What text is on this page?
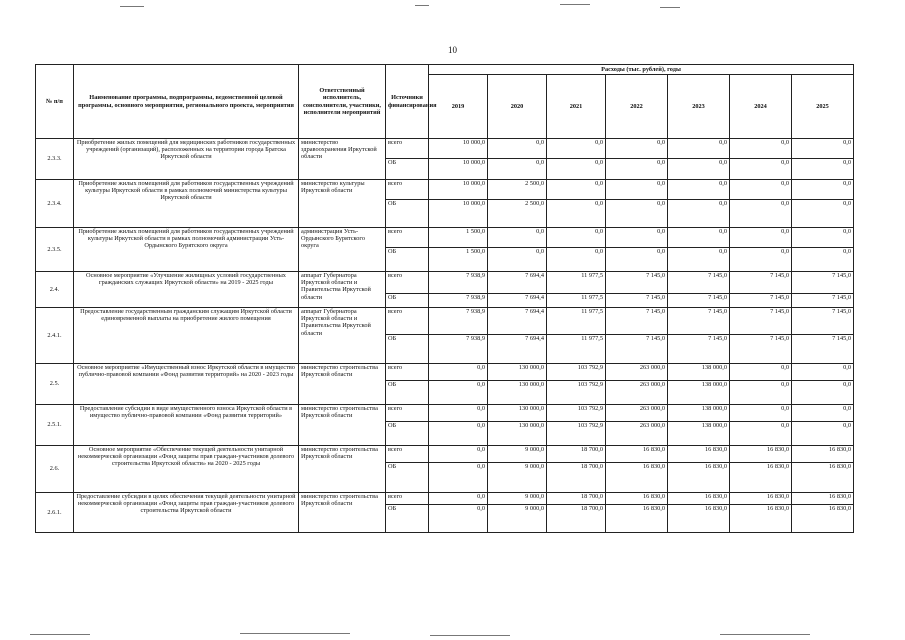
10
№ п/п	Наименование программы, подпрограммы, ведомственной целевой программы, основного мероприятия, регионального проекта, мероприятия	Ответственный исполнитель, соисполнители, участники, исполнители мероприятий	Источники финансирования	Расходы (тыс. рублей), годы						
				2019	2020	2021	2022	2023	2024	2025
2.3.3.	Приобретение жилых помещений для медицинских работников государственных учреждений (организаций), расположенных на территории города Братска Иркутской области	министерство здравоохранения Иркутской области	всего	10 000,0	0,0	0,0	0,0	0,0	0,0	0,0
			ОБ	10 000,0	0,0	0,0	0,0	0,0	0,0	0,0
2.3.4.	Приобретение жилых помещений для работников государственных учреждений культуры Иркутской области в рамках полномочий министерства культуры Иркутской области	министерство культуры Иркутской области	всего	10 000,0	2 500,0	0,0	0,0	0,0	0,0	0,0
			ОБ	10 000,0	2 500,0	0,0	0,0	0,0	0,0	0,0
2.3.5.	Приобретение жилых помещений для работников государственных учреждений культуры Иркутской области в рамках полномочий администрации Усть-Ордынского Бурятского округа	администрация Усть-Ордынского Бурятского округа	всего	1 500,0	0,0	0,0	0,0	0,0	0,0	0,0
			ОБ	1 500,0	0,0	0,0	0,0	0,0	0,0	0,0
2.4.	Основное мероприятие «Улучшение жилищных условий государственных гражданских служащих Иркутской области» на 2019 - 2025 годы	аппарат Губернатора Иркутской области и Правительства Иркутской области	всего	7 938,9	7 694,4	11 977,5	7 145,0	7 145,0	7 145,0	7 145,0
			ОБ	7 938,9	7 694,4	11 977,5	7 145,0	7 145,0	7 145,0	7 145,0
2.4.1.	Предоставление государственным гражданским служащим Иркутской области единовременной выплаты на приобретение жилого помещения	аппарат Губернатора Иркутской области и Правительства Иркутской области	всего	7 938,9	7 694,4	11 977,5	7 145,0	7 145,0	7 145,0	7 145,0
			ОБ	7 938,9	7 694,4	11 977,5	7 145,0	7 145,0	7 145,0	7 145,0
2.5.	Основное мероприятие «Имущественный взнос Иркутской области в имущество публично-правовой компании «Фонд развития территорий» на 2020 - 2023 годы	министерство строительства Иркутской области	всего	0,0	130 000,0	103 792,9	263 000,0	138 000,0	0,0	0,0
			ОБ	0,0	130 000,0	103 792,9	263 000,0	138 000,0	0,0	0,0
2.5.1.	Предоставление субсидии в виде имущественного взноса Иркутской области в имущество публично-правовой компании «Фонд развития территорий»	министерство строительства Иркутской области	всего	0,0	130 000,0	103 792,9	263 000,0	138 000,0	0,0	0,0
			ОБ	0,0	130 000,0	103 792,9	263 000,0	138 000,0	0,0	0,0
2.6.	Основное мероприятие «Обеспечение текущей деятельности унитарной некоммерческой организации «Фонд защиты прав граждан-участников долевого строительства Иркутской области» на 2020 - 2025 годы	министерство строительства Иркутской области	всего	0,0	9 000,0	18 700,0	16 830,0	16 830,0	16 830,0	16 830,0
			ОБ	0,0	9 000,0	18 700,0	16 830,0	16 830,0	16 830,0	16 830,0
2.6.1.	Предоставление субсидии в целях обеспечения текущей деятельности унитарной некоммерческой организации «Фонд защиты прав граждан-участников долевого строительства Иркутской области	министерство строительства Иркутской области	всего	0,0	9 000,0	18 700,0	16 830,0	16 830,0	16 830,0	16 830,0
			ОБ	0,0	9 000,0	18 700,0	16 830,0	16 830,0	16 830,0	16 830,0
